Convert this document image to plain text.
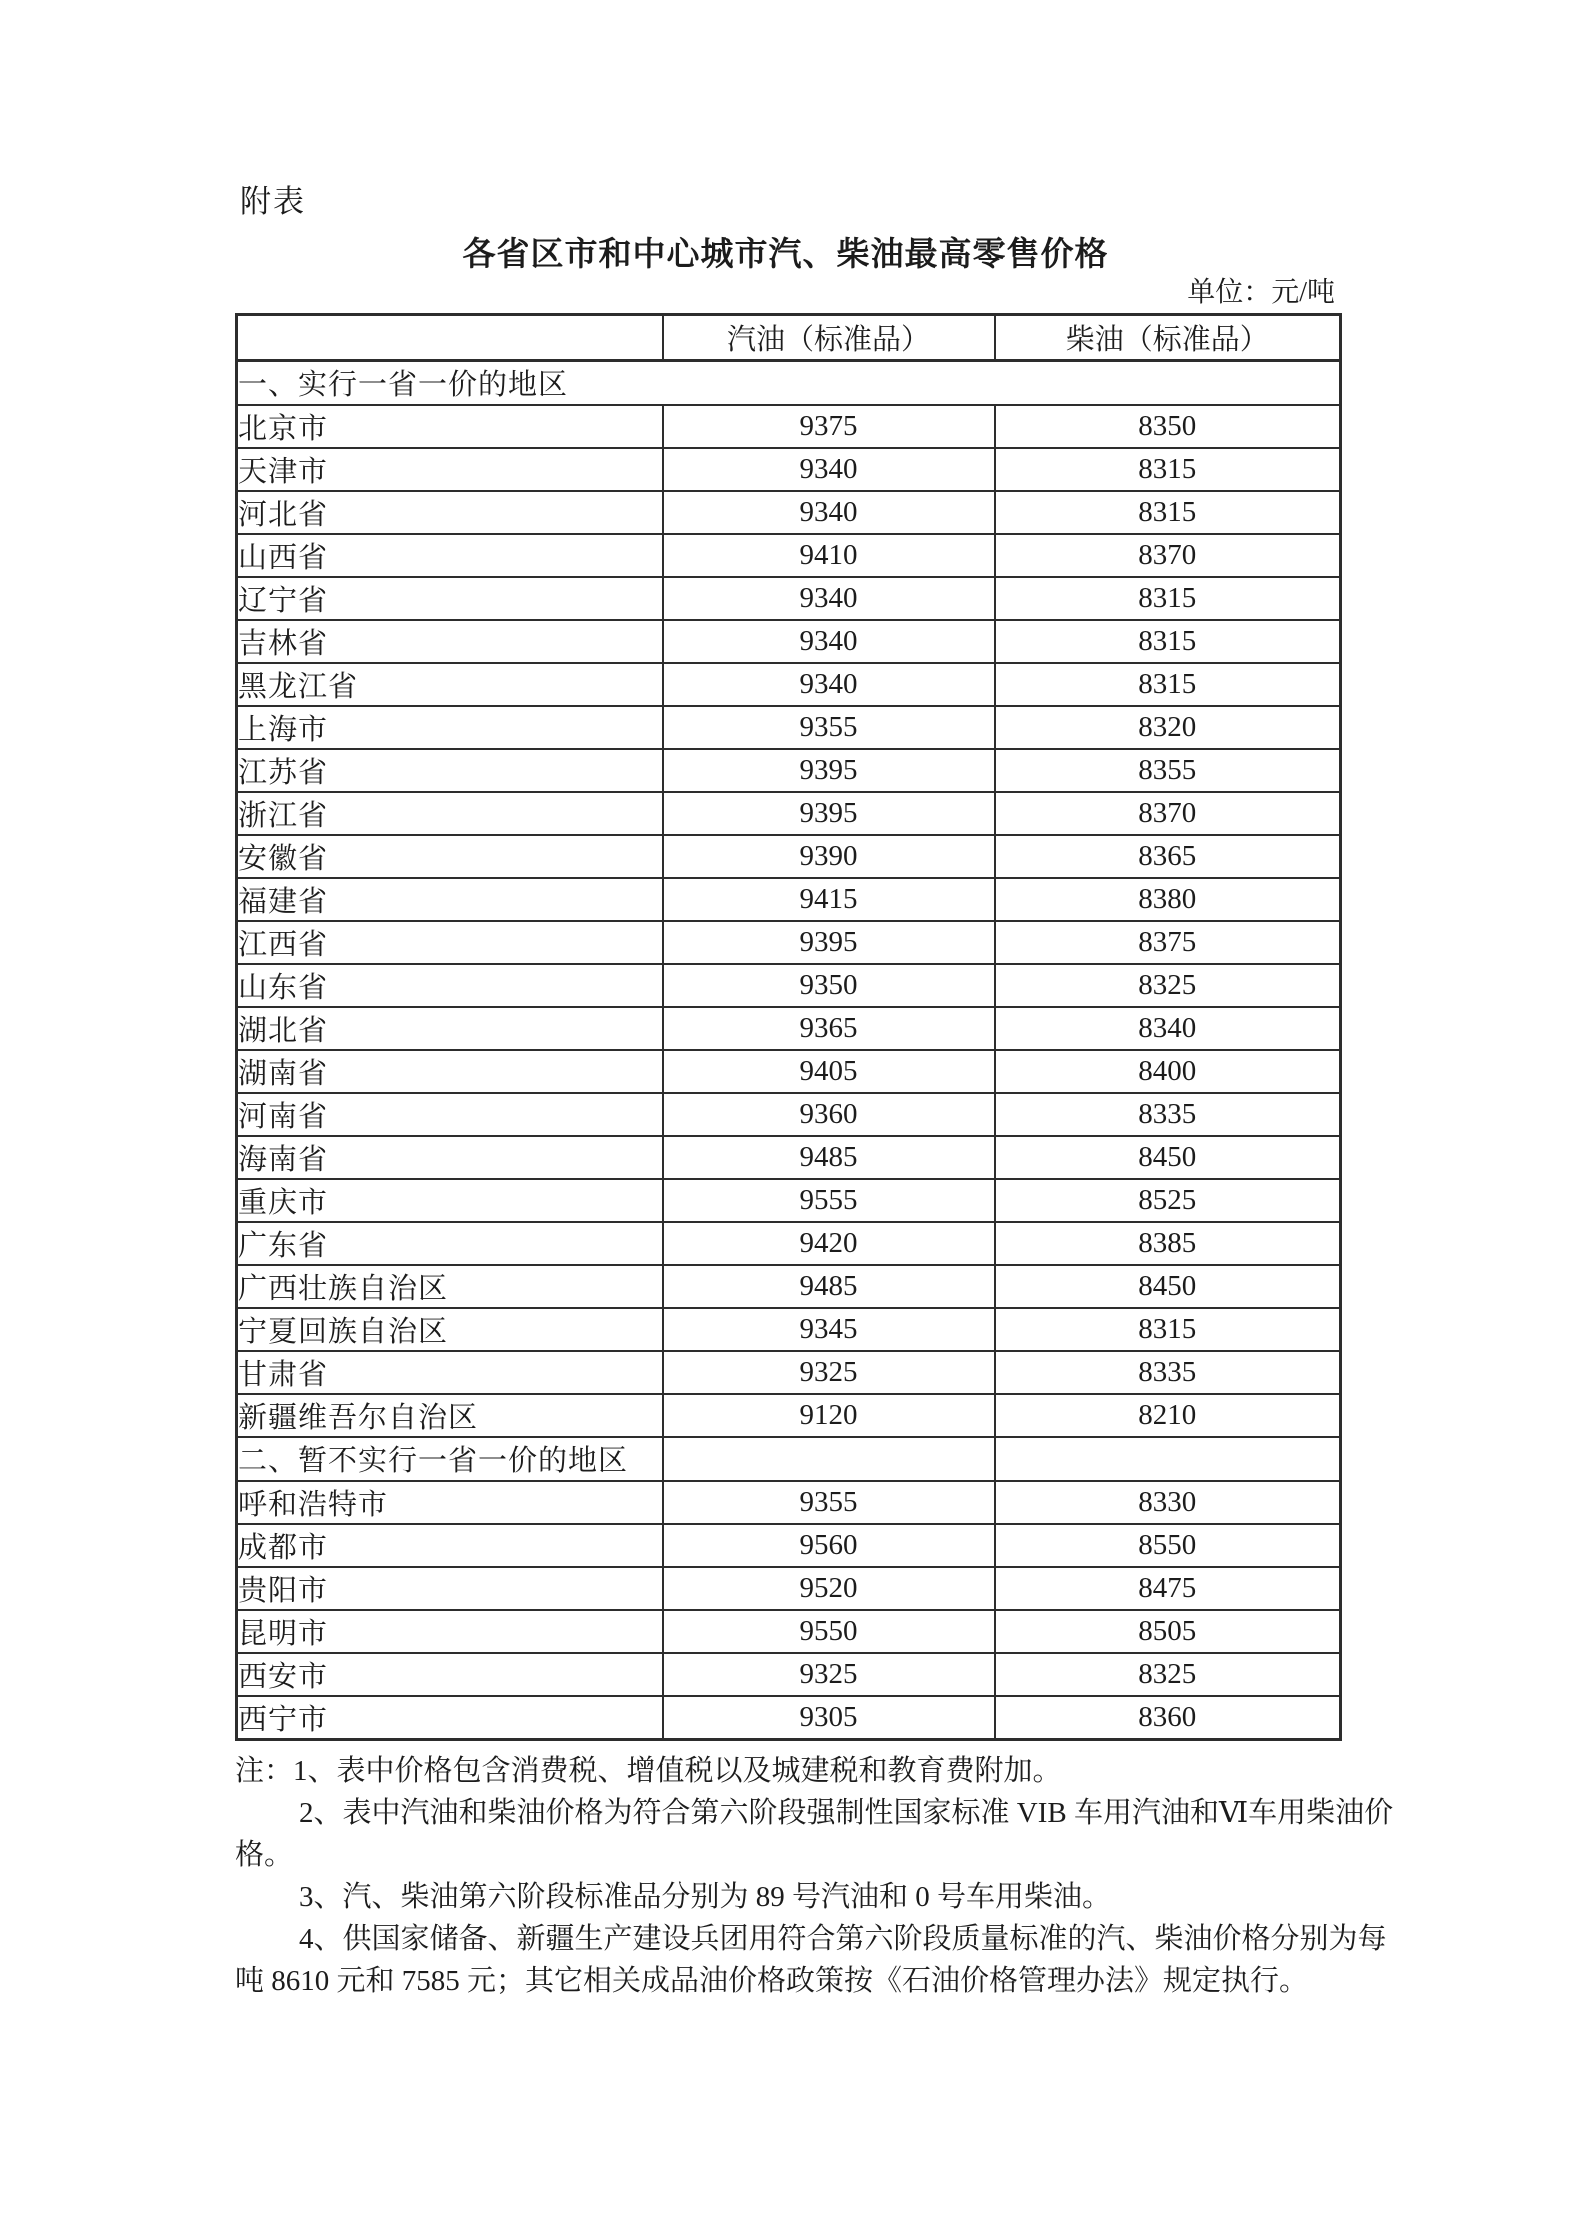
附表
各省区市和中心城市汽、柴油最高零售价格
单位：元/吨
	汽油（标准品）	柴油（标准品）
一、实行一省一价的地区		
北京市	9375	8350
天津市	9340	8315
河北省	9340	8315
山西省	9410	8370
辽宁省	9340	8315
吉林省	9340	8315
黑龙江省	9340	8315
上海市	9355	8320
江苏省	9395	8355
浙江省	9395	8370
安徽省	9390	8365
福建省	9415	8380
江西省	9395	8375
山东省	9350	8325
湖北省	9365	8340
湖南省	9405	8400
河南省	9360	8335
海南省	9485	8450
重庆市	9555	8525
广东省	9420	8385
广西壮族自治区	9485	8450
宁夏回族自治区	9345	8315
甘肃省	9325	8335
新疆维吾尔自治区	9120	8210
二、暂不实行一省一价的地区		
呼和浩特市	9355	8330
成都市	9560	8550
贵阳市	9520	8475
昆明市	9550	8505
西安市	9325	8325
西宁市	9305	8360
注：1、表中价格包含消费税、增值税以及城建税和教育费附加。
2、表中汽油和柴油价格为符合第六阶段强制性国家标准 VIB 车用汽油和Ⅵ车用柴油价
格。
3、汽、柴油第六阶段标准品分别为 89 号汽油和 0 号车用柴油。
4、供国家储备、新疆生产建设兵团用符合第六阶段质量标准的汽、柴油价格分别为每
吨 8610 元和 7585 元；其它相关成品油价格政策按《石油价格管理办法》规定执行。
